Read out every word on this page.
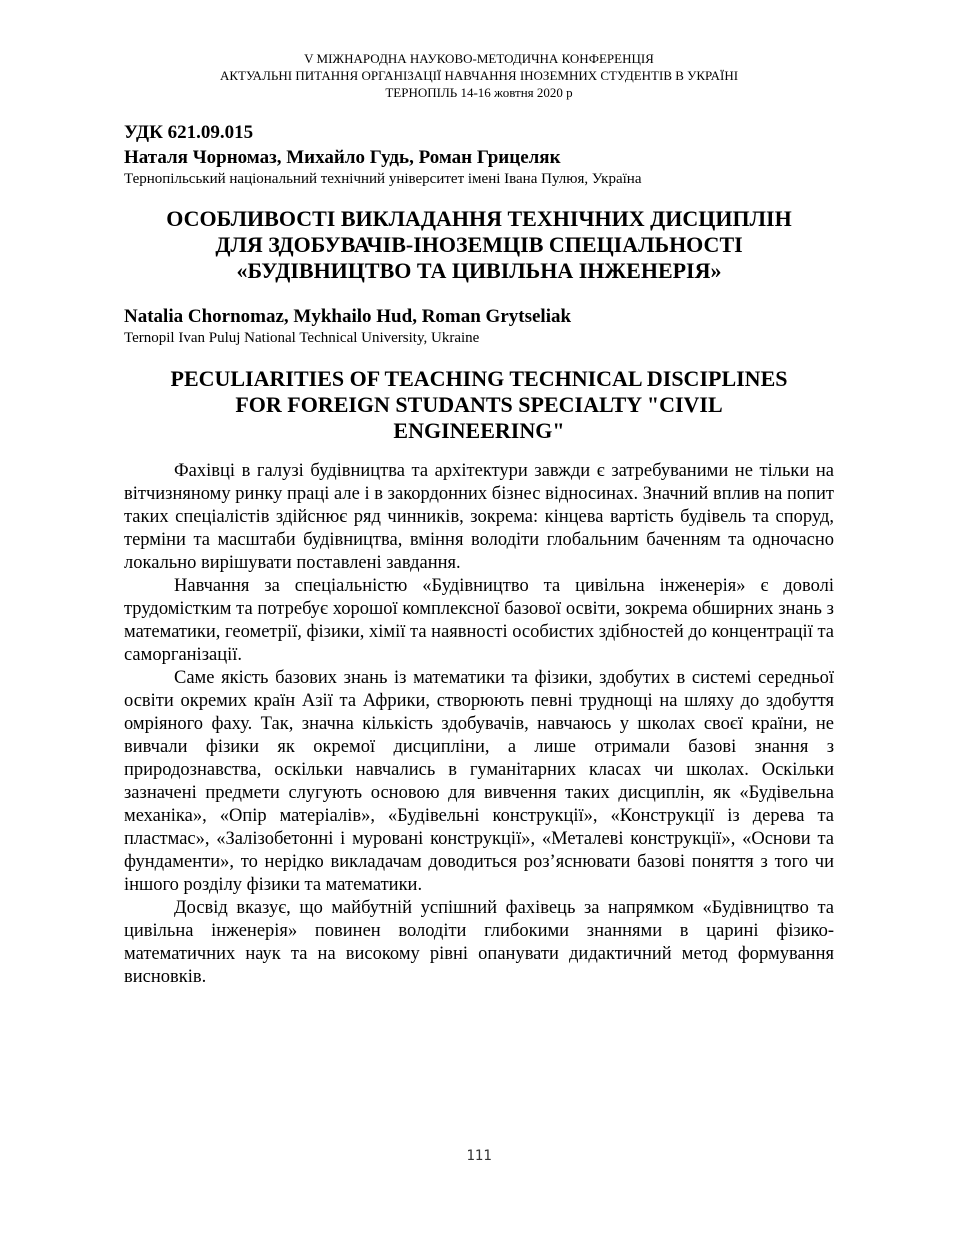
V МІЖНАРОДНА НАУКОВО-МЕТОДИЧНА КОНФЕРЕНЦІЯ
АКТУАЛЬНІ ПИТАННЯ ОРГАНІЗАЦІЇ НАВЧАННЯ ІНОЗЕМНИХ СТУДЕНТІВ В УКРАЇНІ
ТЕРНОПІЛЬ 14-16 жовтня 2020 р
УДК 621.09.015
Наталя Чорномаз, Михайло Гудь, Роман Грицеляк
Тернопільський національний технічний університет імені Івана Пулюя, Україна
ОСОБЛИВОСТІ ВИКЛАДАННЯ ТЕХНІЧНИХ ДИСЦИПЛІН
ДЛЯ ЗДОБУВАЧІВ-ІНОЗЕМЦІВ СПЕЦІАЛЬНОСТІ
«БУДІВНИЦТВО ТА ЦИВІЛЬНА ІНЖЕНЕРІЯ»
Natalia Chornomaz, Mykhailo Hud, Roman Grytseliak
Ternopil Ivan Puluj National Technical University, Ukraine
PECULIARITIES OF TEACHING TECHNICAL DISCIPLINES
FOR FOREIGN STUDANTS SPECIALTY "CIVIL
ENGINEERING"

Фахівці в галузі будівництва та архітектури завжди є затребуваними не тільки на вітчизняному ринку праці але і в закордонних бізнес відносинах. Значний вплив на попит таких спеціалістів здійснює ряд чинників, зокрема: кінцева вартість будівель та споруд, терміни та масштаби будівництва, вміння володіти глобальним баченням та одночасно локально вирішувати поставлені завдання.

Навчання за спеціальністю «Будівництво та цивільна інженерія» є доволі трудомістким та потребує хорошої комплексної базової освіти, зокрема обширних знань з математики, геометрії, фізики, хімії та наявності особистих здібностей до концентрації та саморганізації.

Саме якість базових знань із математики та фізики, здобутих в системі середньої освіти окремих країн Азії та Африки, створюють певні труднощі на шляху до здобуття омріяного фаху. Так, значна кількість здобувачів, навчаюсь у школах своєї країни, не вивчали фізики як окремої дисципліни, а лише отримали базові знання з природознавства, оскільки навчались в гуманітарних класах чи школах. Оскільки зазначені предмети слугують основою для вивчення таких дисциплін, як «Будівельна механіка», «Опір матеріалів», «Будівельні конструкції», «Конструкції із дерева та пластмас», «Залізобетонні і муровані конструкції», «Металеві конструкції», «Основи та фундаменти», то нерідко викладачам доводиться роз’яснювати базові поняття з того чи іншого розділу фізики та математики.

Досвід вказує, що майбутній успішний фахівець за напрямком «Будівництво та цивільна інженерія» повинен володіти глибокими знаннями в царині фізико-математичних наук та на високому рівні опанувати дидактичний метод формування висновків.

111
